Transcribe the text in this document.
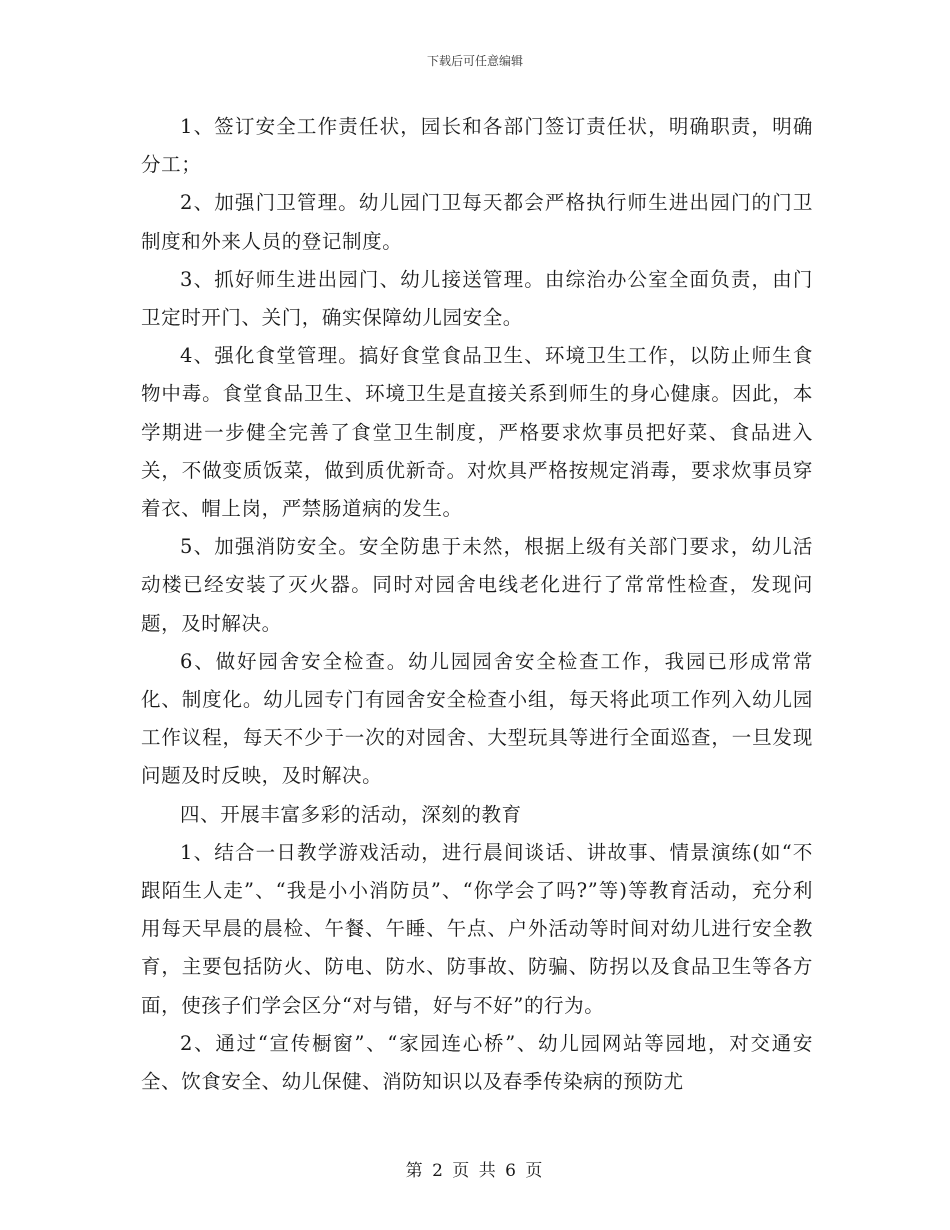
下载后可任意编辑

1、签订安全工作责任状，园长和各部门签订责任状，明确职责，明确分工；

2、加强门卫管理。幼儿园门卫每天都会严格执行师生进出园门的门卫制度和外来人员的登记制度。

3、抓好师生进出园门、幼儿接送管理。由综治办公室全面负责，由门卫定时开门、关门，确实保障幼儿园安全。

4、强化食堂管理。搞好食堂食品卫生、环境卫生工作，以防止师生食物中毒。食堂食品卫生、环境卫生是直接关系到师生的身心健康。因此，本学期进一步健全完善了食堂卫生制度，严格要求炊事员把好菜、食品进入关，不做变质饭菜，做到质优新奇。对炊具严格按规定消毒，要求炊事员穿着衣、帽上岗，严禁肠道病的发生。

5、加强消防安全。安全防患于未然，根据上级有关部门要求，幼儿活动楼已经安装了灭火器。同时对园舍电线老化进行了常常性检查，发现问题，及时解决。

6、做好园舍安全检查。幼儿园园舍安全检查工作，我园已形成常常化、制度化。幼儿园专门有园舍安全检查小组，每天将此项工作列入幼儿园工作议程，每天不少于一次的对园舍、大型玩具等进行全面巡查，一旦发现问题及时反映，及时解决。

四、开展丰富多彩的活动，深刻的教育

1、结合一日教学游戏活动，进行晨间谈话、讲故事、情景演练(如“不跟陌生人走”、“我是小小消防员”、“你学会了吗?”等)等教育活动，充分利用每天早晨的晨检、午餐、午睡、午点、户外活动等时间对幼儿进行安全教育，主要包括防火、防电、防水、防事故、防骗、防拐以及食品卫生等各方面，使孩子们学会区分“对与错，好与不好”的行为。

2、通过“宣传橱窗”、“家园连心桥”、幼儿园网站等园地，对交通安全、饮食安全、幼儿保健、消防知识以及春季传染病的预防尤

第 2 页 共 6 页
